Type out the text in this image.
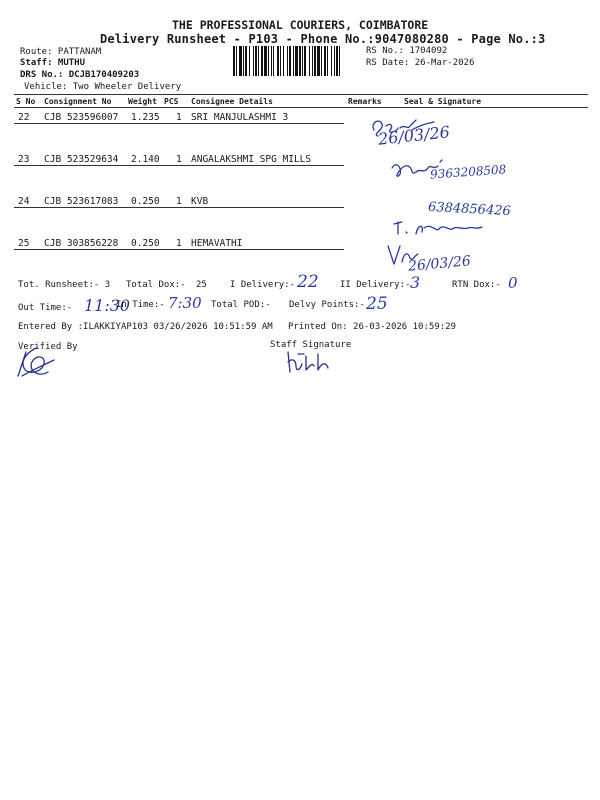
THE PROFESSIONAL COURIERS, COIMBATORE
Delivery Runsheet - P103 - Phone No.:9047080280 - Page No.:3
Route: PATTANAM
Staff: MUTHU
DRS No.: DCJB170409203
Vehicle: Two Wheeler Delivery
RS No.: 1704092
RS Date: 26-Mar-2026
S No Consignment No Weight PCS Consignee Details	Remarks	Seal & Signature
22 CJB 523596007 1.235 1 SRI MANJULASHMI 3
26/03/26
23 CJB 523529634 2.140 1 ANGALAKSHMI SPG MILLS
9363208508
24 CJB 523617083 0.250 1 KVB	6384856426
25 CJB 303856228 0.250 1 HEMAVATHI
26/03/26
Tot. Runsheet:- 3 Total Dox:- 25	I Delivery:- 22 II Delivery:- 3	RTN Dox:- 0
Out Time:- 11:30
In Time:- 7:30 Total POD:- Delvy Points:- 25
Entered By :ILAKKIYAP103 03/26/2026 10:51:59 AM Printed On: 26-03-2026 10:59:29
Verified By	Staff Signature
